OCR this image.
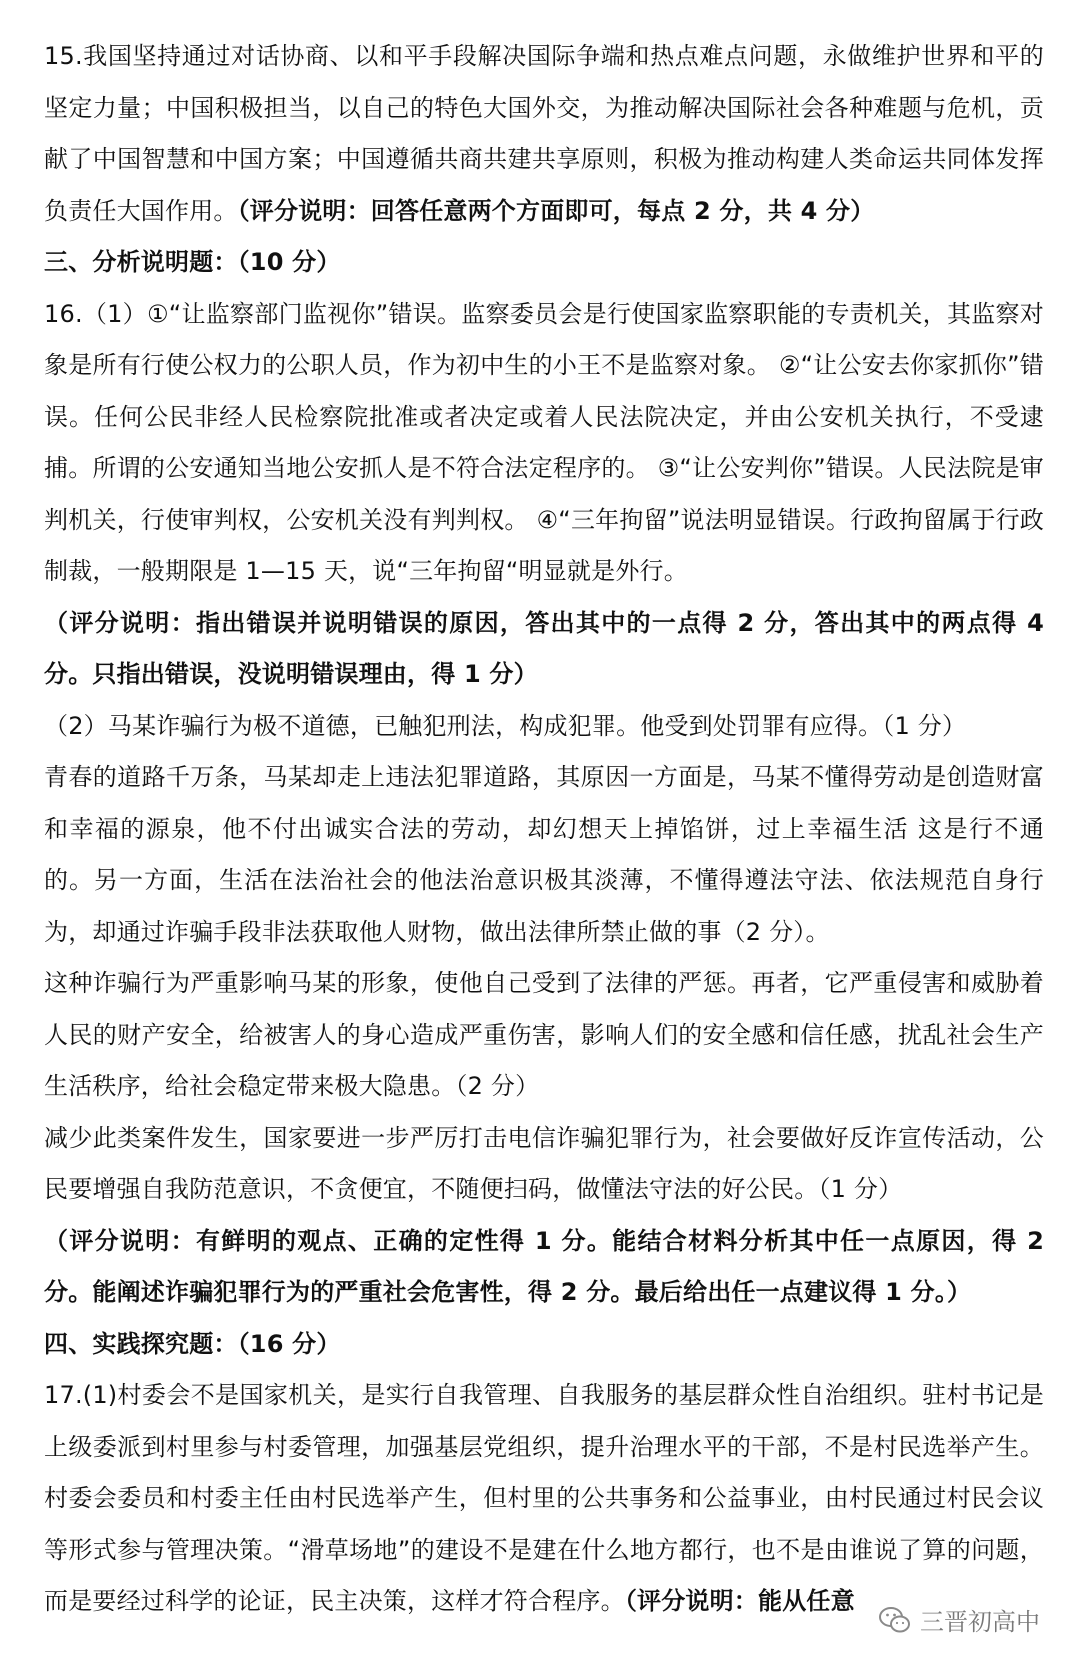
15.我国坚持通过对话协商、以和平手段解决国际争端和热点难点问题，永做维护世界和平的坚定力量；中国积极担当，以自己的特色大国外交，为推动解决国际社会各种难题与危机，贡献了中国智慧和中国方案；中国遵循共商共建共享原则，积极为推动构建人类命运共同体发挥负责任大国作用。（评分说明：回答任意两个方面即可，每点 2 分，共 4 分）

三、分析说明题：（10 分）

16.（1）①“让监察部门监视你”错误。监察委员会是行使国家监察职能的专责机关，其监察对象是所有行使公权力的公职人员，作为初中生的小王不是监察对象。 ②“让公安去你家抓你”错误。任何公民非经人民检察院批准或者决定或着人民法院决定，并由公安机关执行，不受逮捕。所谓的公安通知当地公安抓人是不符合法定程序的。 ③“让公安判你”错误。人民法院是审判机关，行使审判权，公安机关没有判判权。 ④“三年拘留”说法明显错误。行政拘留属于行政制裁，一般期限是 1—15 天，说“三年拘留“明显就是外行。

（评分说明：指出错误并说明错误的原因，答出其中的一点得 2 分，答出其中的两点得 4 分。只指出错误，没说明错误理由，得 1 分）

（2）马某诈骗行为极不道德，已触犯刑法，构成犯罪。他受到处罚罪有应得。（1 分）

青春的道路千万条，马某却走上违法犯罪道路，其原因一方面是，马某不懂得劳动是创造财富和幸福的源泉，他不付出诚实合法的劳动，却幻想天上掉馅饼，过上幸福生活 这是行不通的。另一方面，生活在法治社会的他法治意识极其淡薄，不懂得遵法守法、依法规范自身行为，却通过诈骗手段非法获取他人财物，做出法律所禁止做的事（2 分）。

这种诈骗行为严重影响马某的形象，使他自己受到了法律的严惩。再者，它严重侵害和威胁着人民的财产安全，给被害人的身心造成严重伤害，影响人们的安全感和信任感，扰乱社会生产生活秩序，给社会稳定带来极大隐患。（2 分）

减少此类案件发生，国家要进一步严厉打击电信诈骗犯罪行为，社会要做好反诈宣传活动，公民要增强自我防范意识，不贪便宜，不随便扫码，做懂法守法的好公民。（1 分）

（评分说明：有鲜明的观点、正确的定性得 1 分。能结合材料分析其中任一点原因，得 2 分。能阐述诈骗犯罪行为的严重社会危害性，得 2 分。最后给出任一点建议得 1 分。）

四、实践探究题：（16 分）

17.(1)村委会不是国家机关，是实行自我管理、自我服务的基层群众性自治组织。驻村书记是上级委派到村里参与村委管理，加强基层党组织，提升治理水平的干部，不是村民选举产生。村委会委员和村委主任由村民选举产生，但村里的公共事务和公益事业，由村民通过村民会议等形式参与管理决策。“滑草场地”的建设不是建在什么地方都行，也不是由谁说了算的问题，而是要经过科学的论证，民主决策，这样才符合程序。（评分说明：能从任意

三晋初高中
